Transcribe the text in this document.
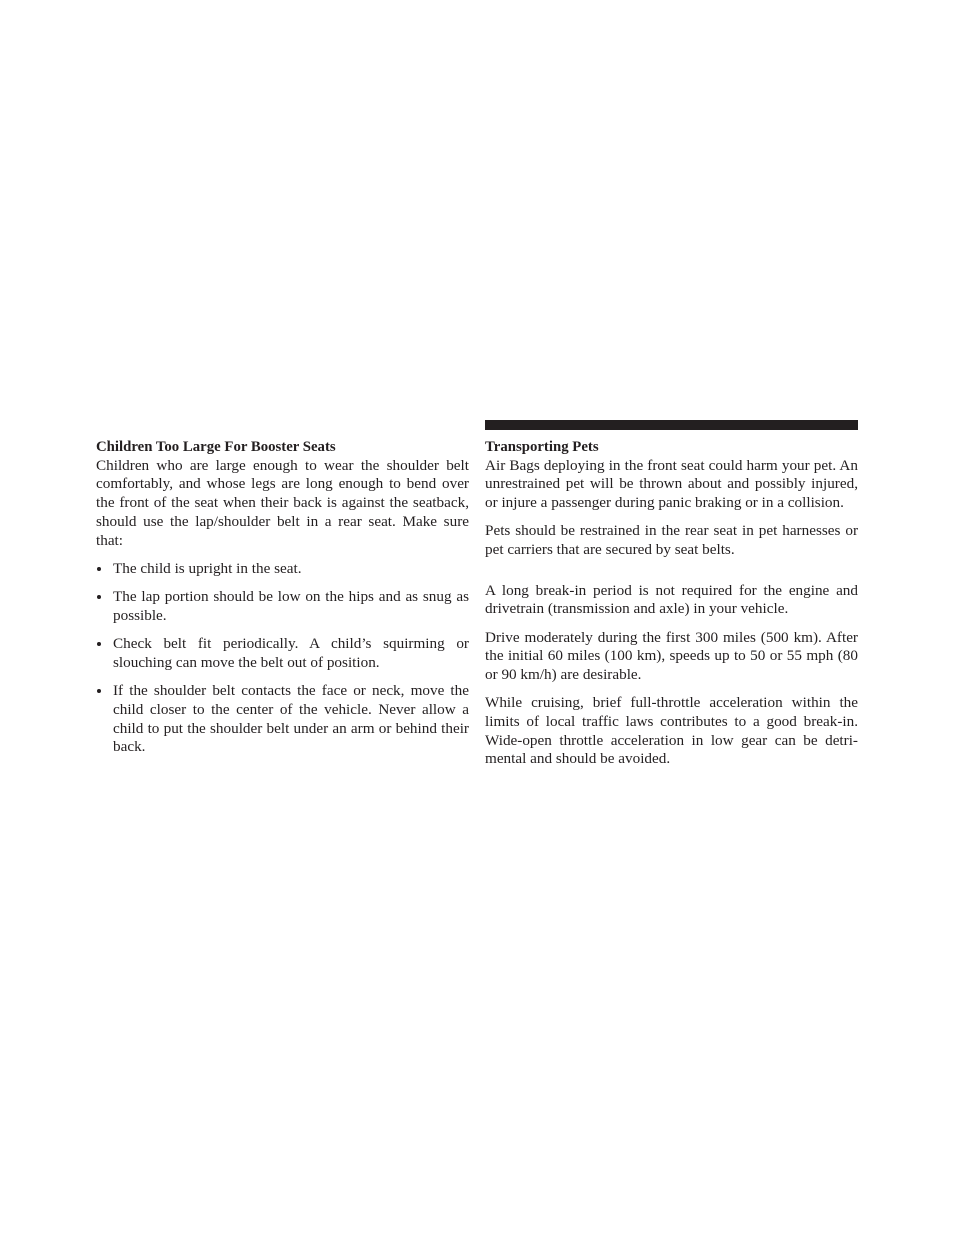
Children Too Large For Booster Seats

Children who are large enough to wear the shoulder belt comfortably, and whose legs are long enough to bend over the front of the seat when their back is against the seatback, should use the lap/shoulder belt in a rear seat. Make sure that:

The child is upright in the seat.
The lap portion should be low on the hips and as snug as possible.
Check belt fit periodically. A child’s squirming or slouching can move the belt out of position.
If the shoulder belt contacts the face or neck, move the child closer to the center of the vehicle. Never allow a child to put the shoulder belt under an arm or behind their back.
Transporting Pets

Air Bags deploying in the front seat could harm your pet. An unrestrained pet will be thrown about and possibly injured, or injure a passenger during panic braking or in a collision.

Pets should be restrained in the rear seat in pet harnesses or pet carriers that are secured by seat belts.

A long break-in period is not required for the engine and drivetrain (transmission and axle) in your vehicle.

Drive moderately during the first 300 miles (500 km). After the initial 60 miles (100 km), speeds up to 50 or 55 mph (80 or 90 km/h) are desirable.

While cruising, brief full-throttle acceleration within the limits of local traffic laws contributes to a good break-in. Wide-open throttle acceleration in low gear can be detri-mental and should be avoided.
